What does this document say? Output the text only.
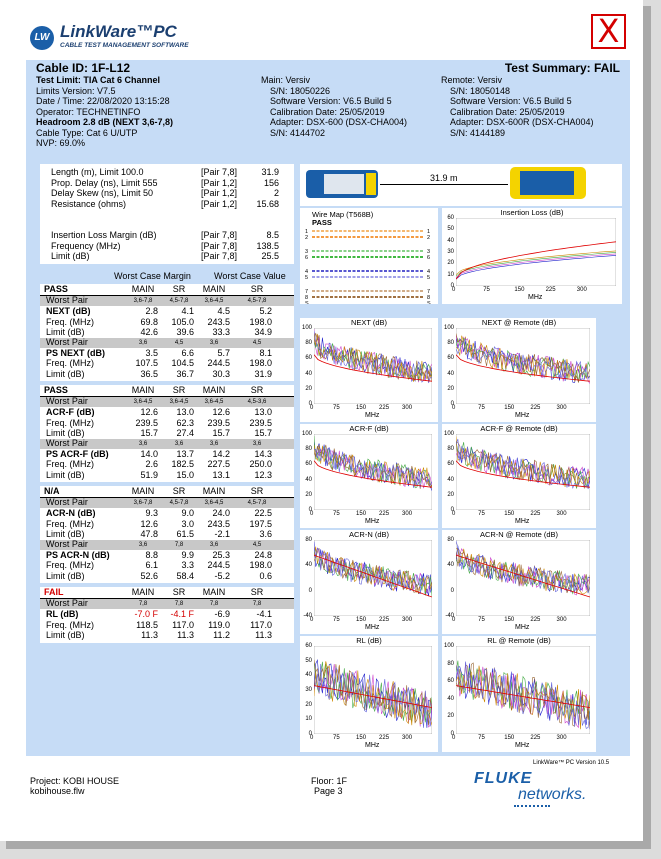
LW LinkWare™PC
CABLE TEST MANAGEMENT SOFTWARE	X
Cable ID: 1F-L12	Test Summary: FAIL
Test Limit: TIA Cat 6 Channel
Limits Version: V7.5
Date / Time: 22/08/2020 13:15:28
Operator: TECHNETINFO
Headroom 2.8 dB (NEXT 3,6-7,8)
Cable Type: Cat 6 U/UTP
NVP: 69.0%
Main: Versiv
S/N: 18050226
Software Version: V6.5 Build 5
Calibration Date: 25/05/2019
Adapter: DSX-600 (DSX-CHA004)
S/N: 4144702
Remote: Versiv
S/N: 18050148
Software Version: V6.5 Build 5
Calibration Date: 25/05/2019
Adapter: DSX-600R (DSX-CHA004)
S/N: 4144189
Length (m), Limit 100.0	[Pair 7,8]	31.9
Prop. Delay (ns), Limit 555	[Pair 1,2]	156
Delay Skew (ns), Limit 50	[Pair 1,2]	2
Resistance (ohms)	[Pair 1,2]	15.68
Insertion Loss Margin (dB)	[Pair 7,8]	8.5
Frequency (MHz)	[Pair 7,8]	138.5
Limit (dB)	[Pair 7,8]	25.5
31.9 m
Wire Map (T568B)
PASS
1	1
2	2
3	3
6	6
4	4
5	5
7	7
8	8
S	S
Worst Case Margin	Worst Case Value
PASS	MAIN	SR	MAIN	SR
Worst Pair	3,6-7,8	4,5-7,8	3,6-4,5	4,5-7,8
NEXT (dB)	2.8	4.1	4.5	5.2
Freq. (MHz)	69.8	105.0	243.5	198.0
Limit (dB)	42.6	39.6	33.3	34.9
Worst Pair	3,6	4,5	3,6	4,5
PS NEXT (dB)	3.5	6.6	5.7	8.1
Freq. (MHz)	107.5	104.5	244.5	198.0
Limit (dB)	36.5	36.7	30.3	31.9
PASS	MAIN	SR	MAIN	SR
Worst Pair	3,6-4,5	3,6-4,5	3,6-4,5	4,5-3,6
ACR-F (dB)	12.6	13.0	12.6	13.0
Freq. (MHz)	239.5	62.3	239.5	239.5
Limit (dB)	15.7	27.4	15.7	15.7
Worst Pair	3,6	3,6	3,6	3,6
PS ACR-F (dB)	14.0	13.7	14.2	14.3
Freq. (MHz)	2.6	182.5	227.5	250.0
Limit (dB)	51.9	15.0	13.1	12.3
N/A	MAIN	SR	MAIN	SR
Worst Pair	3,6-7,8	4,5-7,8	3,6-4,5	4,5-7,8
ACR-N (dB)	9.3	9.0	24.0	22.5
Freq. (MHz)	12.6	3.0	243.5	197.5
Limit (dB)	47.8	61.5	-2.1	3.6
Worst Pair	3,6	7,8	3,6	4,5
PS ACR-N (dB)	8.8	9.9	25.3	24.8
Freq. (MHz)	6.1	3.3	244.5	198.0
Limit (dB)	52.6	58.4	-5.2	0.6
FAIL	MAIN	SR	MAIN	SR
Worst Pair	7,8	7,8	7,8	7,8
RL (dB)	-7.0 F	-4.1 F	-6.9	-4.1
Freq. (MHz)	118.5	117.0	119.0	117.0
Limit (dB)	11.3	11.3	11.2	11.3
Insertion Loss (dB)
60
50
40
30
20
10
0
0	75	150	225	300
MHz
NEXT (dB)
100
80
60
40
20
0
0	75	150 225 300
MHz
NEXT @ Remote (dB)
100
80
60
40
20
0
0	75	150	225	300
MHz
ACR-F (dB)
100
80
60
40
20
0
0	75	150 225 300
MHz
ACR-F @ Remote (dB)
100
80
60
40
20
0
0	75	150	225	300
MHz
ACR-N (dB)
80
40
0
-40
0	75	150 225 300
MHz
ACR-N @ Remote (dB)
80
40
0
-40
0	75	150	225	300
MHz
RL (dB)
60
50
40
30
20
10
0
0	75	150 225 300
MHz
RL @ Remote (dB)
100
80
60
40
20
0
0	75	150	225	300
MHz
LinkWare™ PC Version 10.5
Project: KOBI HOUSE
kobihouse.flw
Floor: 1F
Page 3
FLUKE
networks.
